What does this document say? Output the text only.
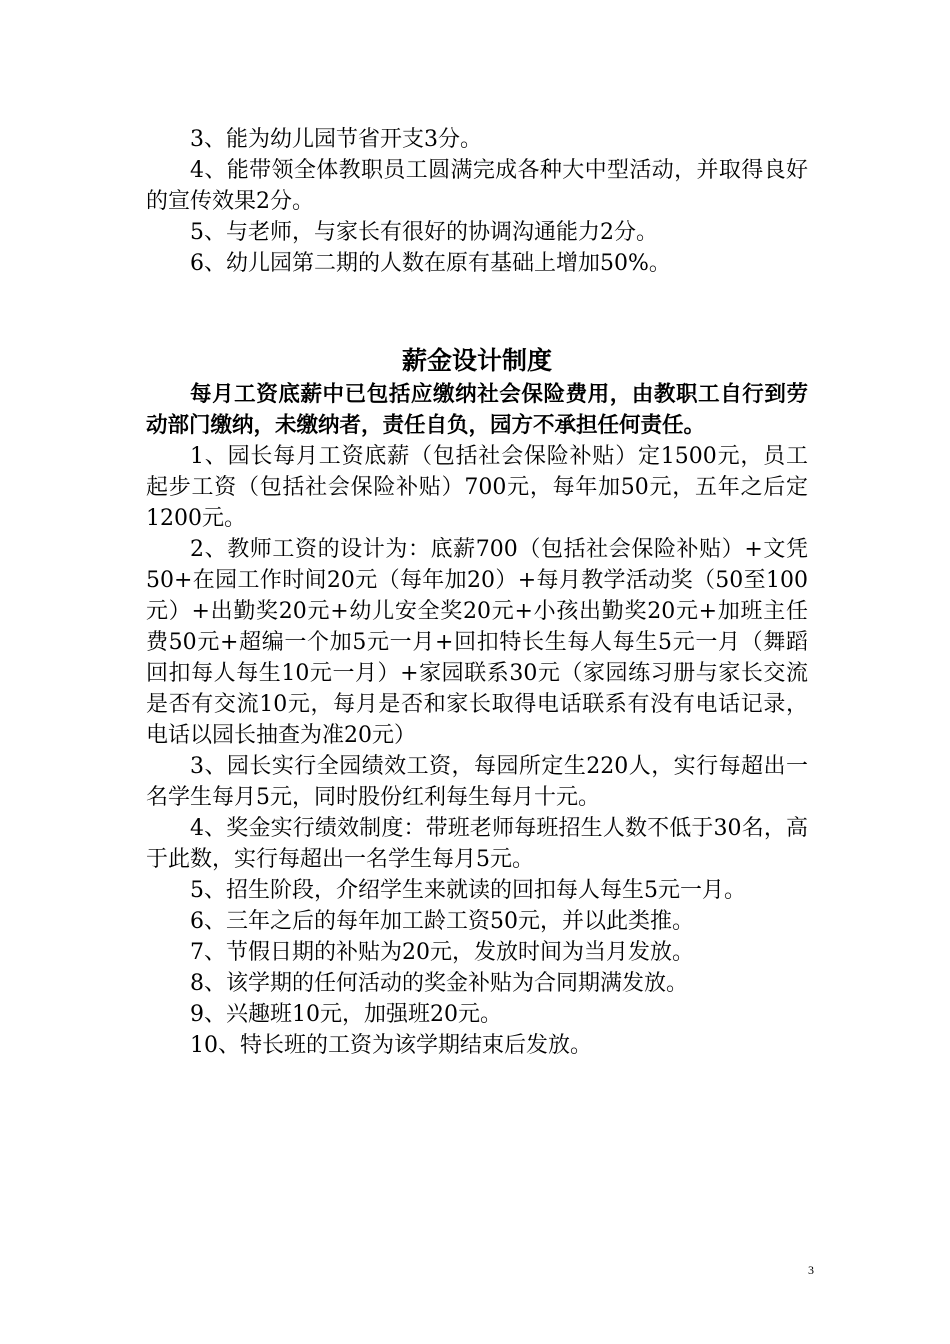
3、能为幼儿园节省开支3分。

4、能带领全体教职员工圆满完成各种大中型活动，并取得良好的宣传效果2分。

5、与老师，与家长有很好的协调沟通能力2分。

6、幼儿园第二期的人数在原有基础上增加50%。

薪金设计制度

每月工资底薪中已包括应缴纳社会保险费用，由教职工自行到劳动部门缴纳，未缴纳者，责任自负，园方不承担任何责任。

1、园长每月工资底薪（包括社会保险补贴）定1500元，员工起步工资（包括社会保险补贴）700元，每年加50元，五年之后定1200元。

2、教师工资的设计为：底薪700（包括社会保险补贴）+文凭50+在园工作时间20元（每年加20）+每月教学活动奖（50至100元）+出勤奖20元+幼儿安全奖20元+小孩出勤奖20元+加班主任费50元+超编一个加5元一月+回扣特长生每人每生5元一月（舞蹈回扣每人每生10元一月）+家园联系30元（家园练习册与家长交流是否有交流10元，每月是否和家长取得电话联系有没有电话记录，电话以园长抽查为准20元）

3、园长实行全园绩效工资，每园所定生220人，实行每超出一名学生每月5元，同时股份红利每生每月十元。

4、奖金实行绩效制度：带班老师每班招生人数不低于30名，高于此数，实行每超出一名学生每月5元。

5、招生阶段，介绍学生来就读的回扣每人每生5元一月。

6、三年之后的每年加工龄工资50元，并以此类推。

7、节假日期的补贴为20元，发放时间为当月发放。

8、该学期的任何活动的奖金补贴为合同期满发放。

9、兴趣班10元，加强班20元。

10、特长班的工资为该学期结束后发放。

3
